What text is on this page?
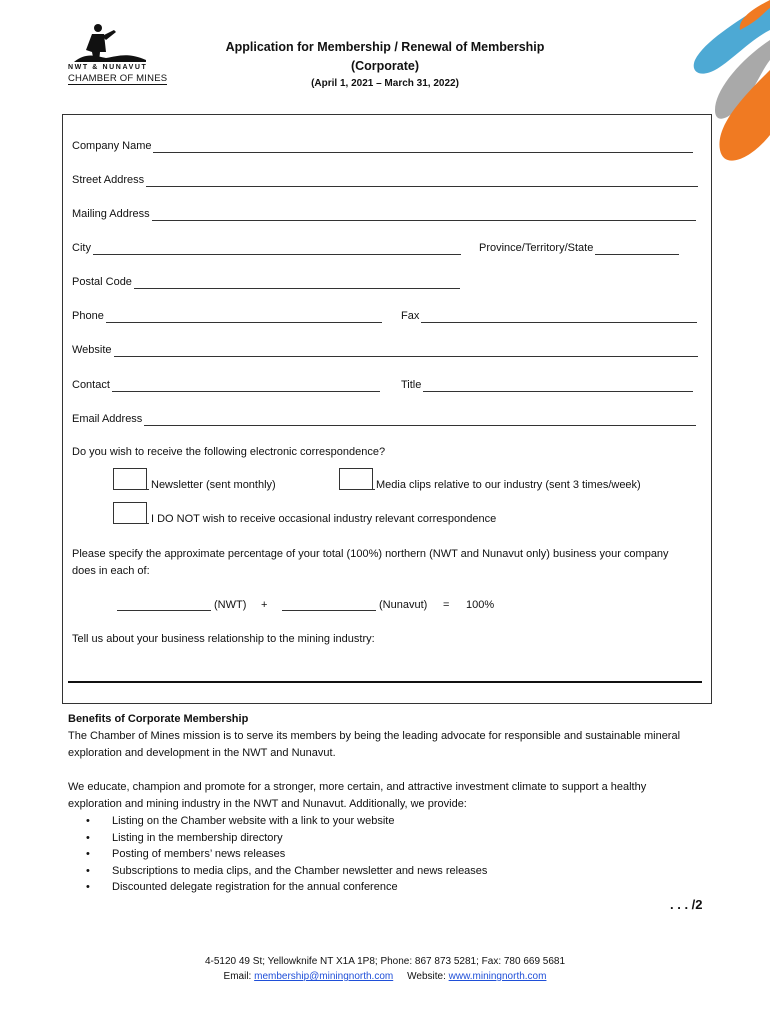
NWT & NUNAVUT
CHAMBER OF MINES
Application for Membership / Renewal of Membership
(Corporate)
(April 1, 2021 – March 31, 2022)
Company Name
Street Address
Mailing Address
City	Province/Territory/State
Postal Code
Phone	Fax
Website
Contact	Title
Email Address
Do you wish to receive the following electronic correspondence?
Newsletter (sent monthly)	Media clips relative to our industry (sent 3 times/week)
I DO NOT wish to receive occasional industry relevant correspondence
Please specify the approximate percentage of your total (100%) northern (NWT and Nunavut only) business your company
does in each of:
(NWT) +	(Nunavut) = 100%
Tell us about your business relationship to the mining industry:
Benefits of Corporate Membership
The Chamber of Mines mission is to serve its members by being the leading advocate for responsible and sustainable mineral
exploration and development in the NWT and Nunavut.
We educate, champion and promote for a stronger, more certain, and attractive investment climate to support a healthy
exploration and mining industry in the NWT and Nunavut. Additionally, we provide:
• Listing on the Chamber website with a link to your website
• Listing in the membership directory
• Posting of members’ news releases
• Subscriptions to media clips, and the Chamber newsletter and news releases
• Discounted delegate registration for the annual conference
. . . /2
4-5120 49 St; Yellowknife NT X1A 1P8; Phone: 867 873 5281; Fax: 780 669 5681
Email: membership@miningnorth.com Website: www.miningnorth.com
